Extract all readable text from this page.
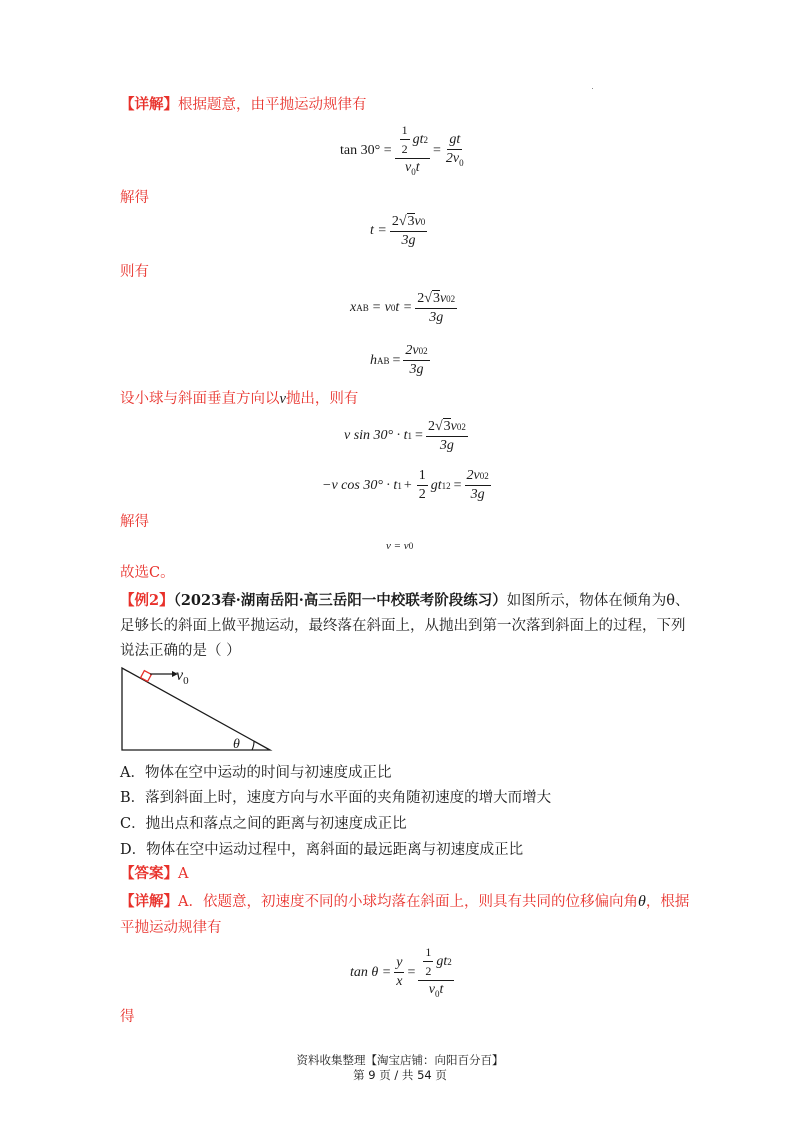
【详解】根据题意，由平抛运动规律有
$\tan 30^\circ = \frac{\frac{1}{2} gt 2}{v_0t} = \frac{gt}{2v_0}$
解得
$t = \frac{2 √ 3 v 0}{3g}$
则有
x AB = v 0 $t = \frac{2 √ 3 v 0 2}{3g}$
h AB = $\frac{2v 0 2}{3g}$
设小球与斜面垂直方向以v抛出，则有
v sin 30° · t $1 = \frac{2 √ 3 v 0 2}{3g}$
−v cos 30° · t $1 + \frac{1}{2}$ gt 1 $2 = \frac{2v 0 2}{3g}$
解得
v = v 0
故选C。
【例2】（2023春·湖南岳阳·高三岳阳一中校联考阶段练习）如图所示，物体在倾角为θ、
足够长的斜面上做平抛运动，最终落在斜面上，从抛出到第一次落到斜面上的过程，下列
说法正确的是（ ）
$v_0$
θ
A．物体在空中运动的时间与初速度成正比
B．落到斜面上时，速度方向与水平面的夹角随初速度的增大而增大
C．抛出点和落点之间的距离与初速度成正比
D．物体在空中运动过程中，离斜面的最远距离与初速度成正比
【答案】A
【详解】A．依题意，初速度不同的小球均落在斜面上，则具有共同的位移偏向角θ，根据
平抛运动规律有
$\tan \theta = \frac{y}{x} = \frac{\frac{1}{2} gt 2}{v_0t}$
得
资料收集整理【淘宝店铺：向阳百分百】
第 9 页 / 共 54 页
